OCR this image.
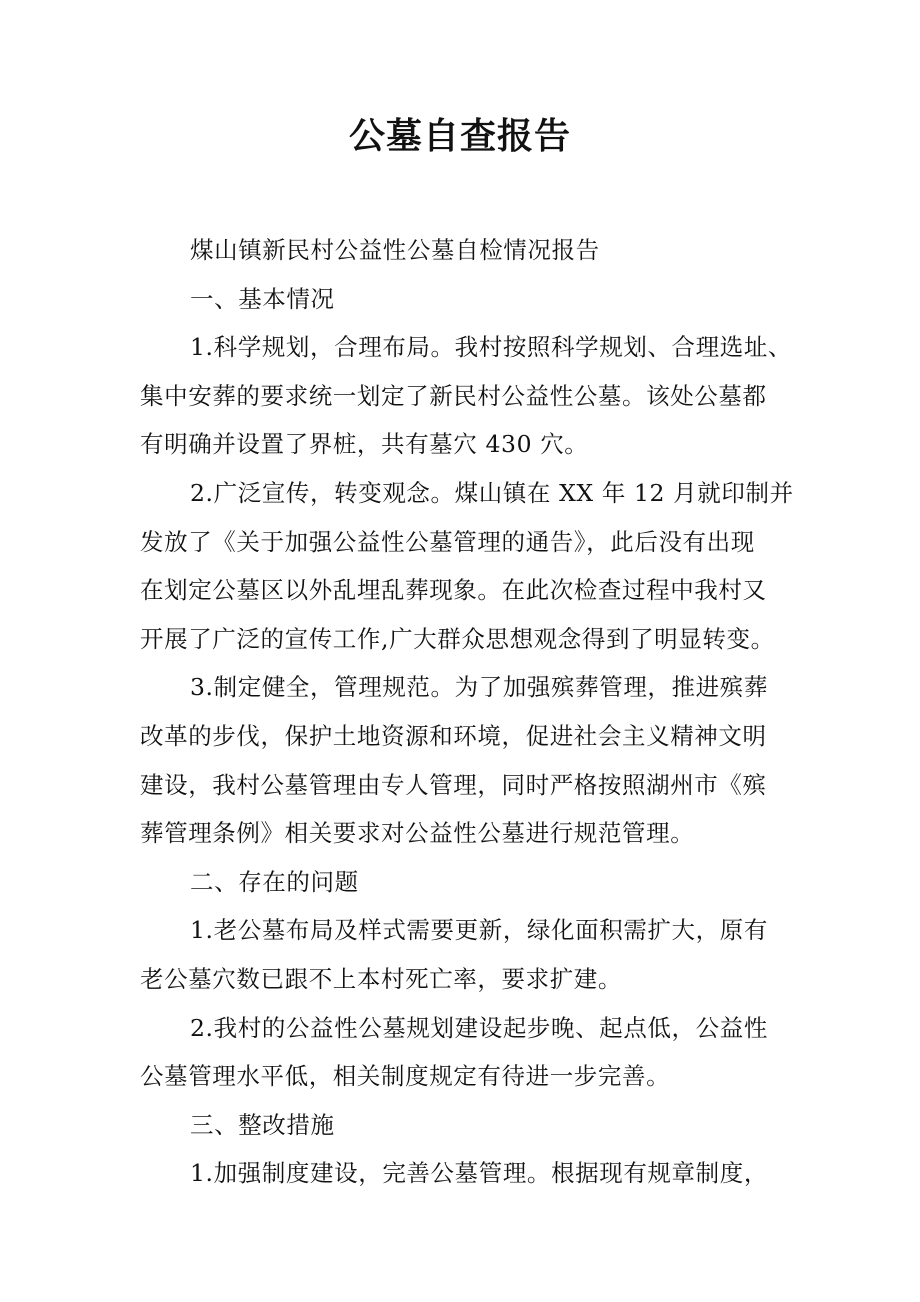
公墓自查报告
煤山镇新民村公益性公墓自检情况报告
一、基本情况
1.科学规划，合理布局。我村按照科学规划、合理选址、
集中安葬的要求统一划定了新民村公益性公墓。该处公墓都
有明确并设置了界桩，共有墓穴 430 穴。
2.广泛宣传，转变观念。煤山镇在 XX 年 12 月就印制并
发放了《关于加强公益性公墓管理的通告》，此后没有出现
在划定公墓区以外乱埋乱葬现象。在此次检查过程中我村又
开展了广泛的宣传工作,广大群众思想观念得到了明显转变。
3.制定健全，管理规范。为了加强殡葬管理，推进殡葬
改革的步伐，保护土地资源和环境，促进社会主义精神文明
建设，我村公墓管理由专人管理，同时严格按照湖州市《殡
葬管理条例》相关要求对公益性公墓进行规范管理。
二、存在的问题
1.老公墓布局及样式需要更新，绿化面积需扩大，原有
老公墓穴数已跟不上本村死亡率，要求扩建。
2.我村的公益性公墓规划建设起步晚、起点低，公益性
公墓管理水平低，相关制度规定有待进一步完善。
三、整改措施
1.加强制度建设，完善公墓管理。根据现有规章制度，
